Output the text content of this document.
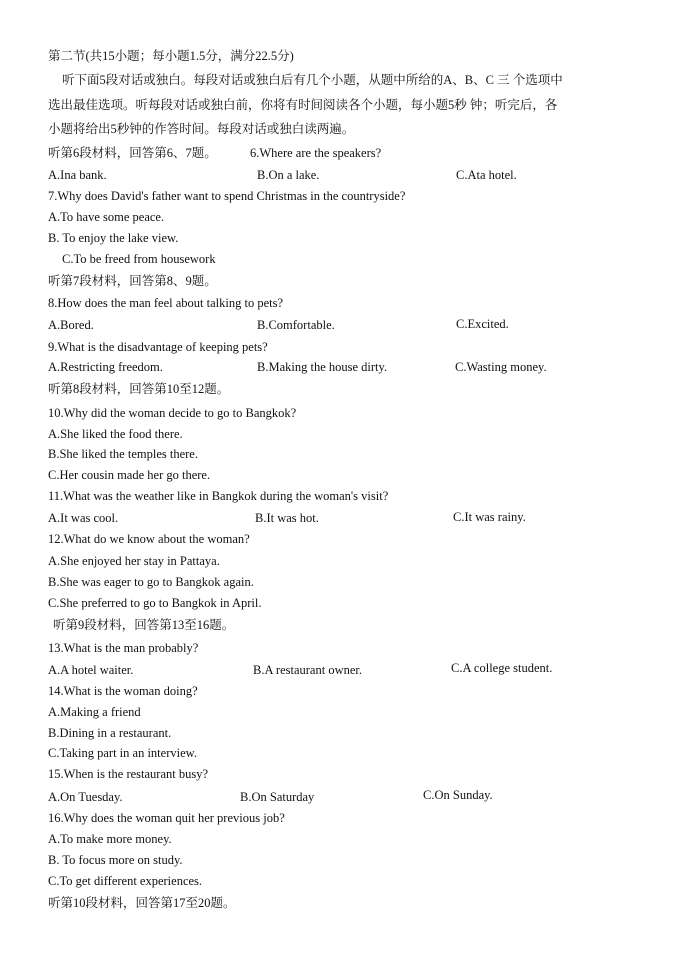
第二节(共15小题；每小题1.5分，满分22.5分)
听下面5段对话或独白。每段对话或独白后有几个小题，从题中所给的A、B、C 三 个选项中
选出最佳选项。听每段对话或独白前，你将有时间阅读各个小题，每小题5秒 钟；听完后，各
小题将给出5秒钟的作答时间。每段对话或独白读两遍。
听第6段材料，回答第6、7题。	6.Where are the speakers?
A.Ina bank.	B.On a lake.	C.Ata hotel.
7.Why does David's father want to spend Christmas in the countryside?
A.To have some peace.
B. To enjoy the lake view.
C.To be freed from housework
听第7段材料，回答第8、9题。
8.How does the man feel about talking to pets?
A.Bored.	B.Comfortable.	C.Excited.
9.What is the disadvantage of keeping pets?
A.Restricting freedom.	B.Making the house dirty.	C.Wasting money.
听第8段材料，回答第10至12题。
10.Why did the woman decide to go to Bangkok?
A.She liked the food there.
B.She liked the temples there.
C.Her cousin made her go there.
11.What was the weather like in Bangkok during the woman's visit?
A.It was cool.	B.It was hot.	C.It was rainy.
12.What do we know about the woman?
A.She enjoyed her stay in Pattaya.
B.She was eager to go to Bangkok again.
C.She preferred to go to Bangkok in April.
听第9段材料，回答第13至16题。
13.What is the man probably?
A.A hotel waiter.	B.A restaurant owner.	C.A college student.
14.What is the woman doing?
A.Making a friend
B.Dining in a restaurant.
C.Taking part in an interview.
15.When is the restaurant busy?
A.On Tuesday.	B.On Saturday	C.On Sunday.
16.Why does the woman quit her previous job?
A.To make more money.
B. To focus more on study.
C.To get different experiences.
听第10段材料，回答第17至20题。
